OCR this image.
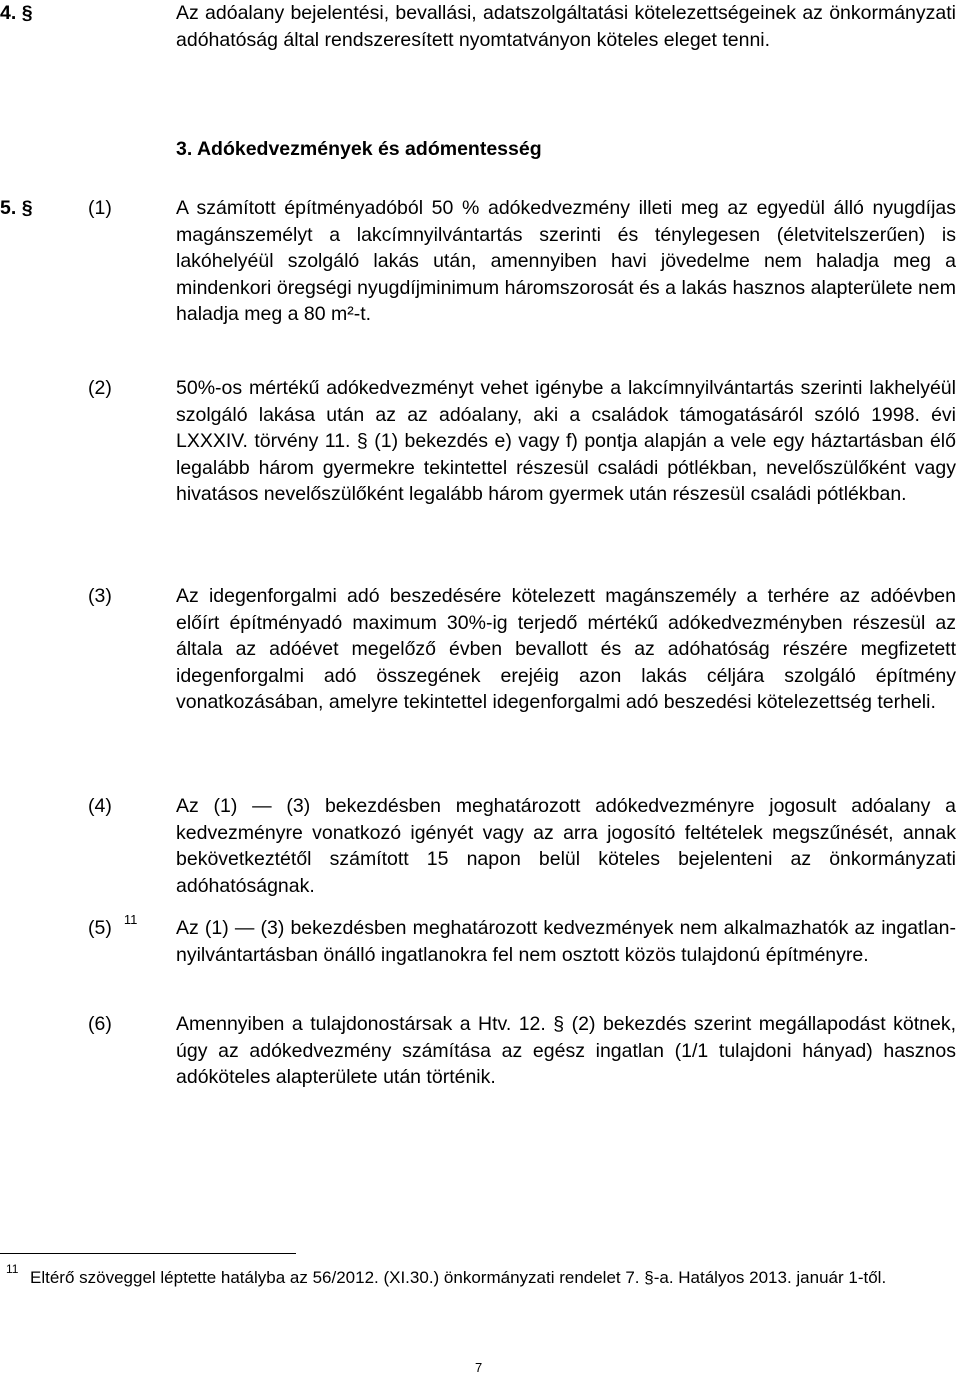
4. §	Az adóalany bejelentési, bevallási, adatszolgáltatási kötelezettségeinek az önkormányzati adóhatóság által rendszeresített nyomtatványon köteles eleget tenni.
3. Adókedvezmények és adómentesség
5. §	(1)	A számított építményadóból 50 % adókedvezmény illeti meg az egyedül álló nyugdíjas magánszemélyt a lakcímnyilvántartás szerinti és ténylegesen (életvitelszerűen) is lakóhelyéül szolgáló lakás után, amennyiben havi jövedelme nem haladja meg a mindenkori öregségi nyugdíjminimum háromszorosát és a lakás hasznos alapterülete nem haladja meg a 80 m²-t.
(2)	50%-os mértékű adókedvezményt vehet igénybe a lakcímnyilvántartás szerinti lakhelyéül szolgáló lakása után az az adóalany, aki a családok támogatásáról szóló 1998. évi LXXXIV. törvény 11. § (1) bekezdés e) vagy f) pontja alapján a vele egy háztartásban élő legalább három gyermekre tekintettel részesül családi pótlékban, nevelőszülőként vagy hivatásos nevelőszülőként legalább három gyermek után részesül családi pótlékban.
(3)	Az idegenforgalmi adó beszedésére kötelezett magánszemély a terhére az adóévben előírt építményadó maximum 30%-ig terjedő mértékű adókedvezményben részesül az általa az adóévet megelőző évben bevallott és az adóhatóság részére megfizetett idegenforgalmi adó összegének erejéig azon lakás céljára szolgáló építmény vonatkozásában, amelyre tekintettel idegenforgalmi adó beszedési kötelezettség terheli.
(4)	Az (1) — (3) bekezdésben meghatározott adókedvezményre jogosult adóalany a kedvezményre vonatkozó igényét vagy az arra jogosító feltételek megszűnését, annak bekövetkeztétől számított 15 napon belül köteles bejelenteni az önkormányzati adóhatóságnak.
(5) $^{11}$ Az (1) — (3) bekezdésben meghatározott kedvezmények nem alkalmazhatók az ingatlan-nyilvántartásban önálló ingatlanokra fel nem osztott közös tulajdonú építményre.
(6)	Amennyiben a tulajdonostársak a Htv. 12. § (2) bekezdés szerint megállapodást kötnek, úgy az adókedvezmény számítása az egész ingatlan (1/1 tulajdoni hányad) hasznos adóköteles alapterülete után történik.
11 Eltérő szöveggel léptette hatályba az 56/2012. (XI.30.) önkormányzati rendelet 7. §-a. Hatályos 2013. január 1-től.
7
